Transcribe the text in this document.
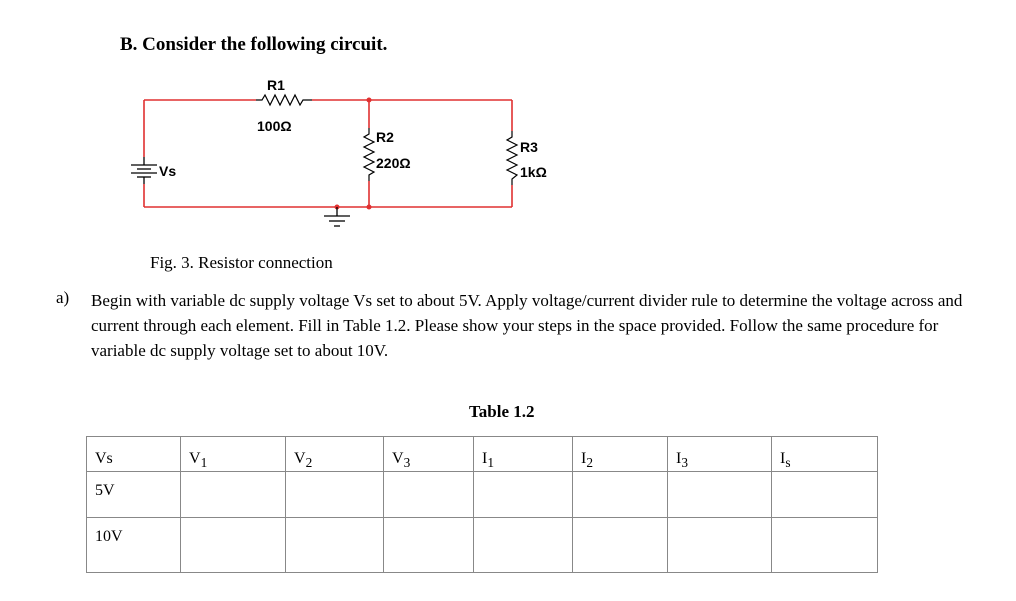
B. Consider the following circuit.
R1
100Ω
R2
220Ω
R3
1kΩ
Vs
Fig. 3. Resistor connection
a) Begin with variable dc supply voltage Vs set to about 5V. Apply voltage/current divider rule to determine the voltage across and current through each element. Fill in Table 1.2. Please show your steps in the space provided. Follow the same procedure for variable dc supply voltage set to about 10V.
Table 1.2
Vs	$V_1$	$V_2$	$V_3$	$I_1$	$I_2$	$I_3$	$I_s$
5V							
10V							
